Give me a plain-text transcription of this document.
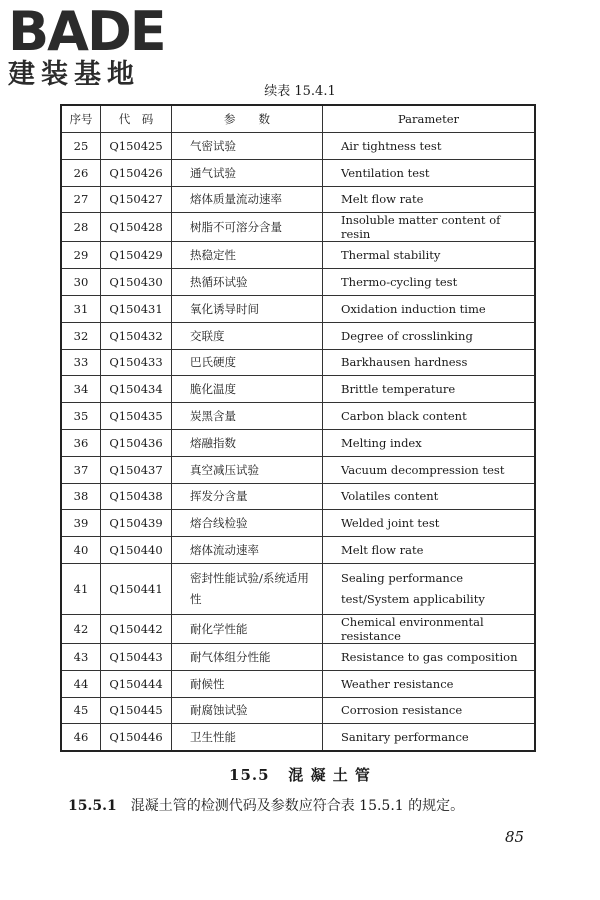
BADE
建装基地
续表 15.4.1
序号	代　码	参　　数	Parameter
25	Q150425	气密试验	Air tightness test
26	Q150426	通气试验	Ventilation test
27	Q150427	熔体质量流动速率	Melt flow rate
28	Q150428	树脂不可溶分含量	Insoluble matter content of resin
29	Q150429	热稳定性	Thermal stability
30	Q150430	热循环试验	Thermo-cycling test
31	Q150431	氧化诱导时间	Oxidation induction time
32	Q150432	交联度	Degree of crosslinking
33	Q150433	巴氏硬度	Barkhausen hardness
34	Q150434	脆化温度	Brittle temperature
35	Q150435	炭黑含量	Carbon black content
36	Q150436	熔融指数	Melting index
37	Q150437	真空减压试验	Vacuum decompression test
38	Q150438	挥发分含量	Volatiles content
39	Q150439	熔合线检验	Welded joint test
40	Q150440	熔体流动速率	Melt flow rate
41	Q150441	密封性能试验/系统适用性	Sealing performance test/System applicability
42	Q150442	耐化学性能	Chemical environmental resistance
43	Q150443	耐气体组分性能	Resistance to gas composition
44	Q150444	耐候性	Weather resistance
45	Q150445	耐腐蚀试验	Corrosion resistance
46	Q150446	卫生性能	Sanitary performance
15.5 混 凝 土 管
15.5.1 混凝土管的检测代码及参数应符合表 15.5.1 的规定。
85
